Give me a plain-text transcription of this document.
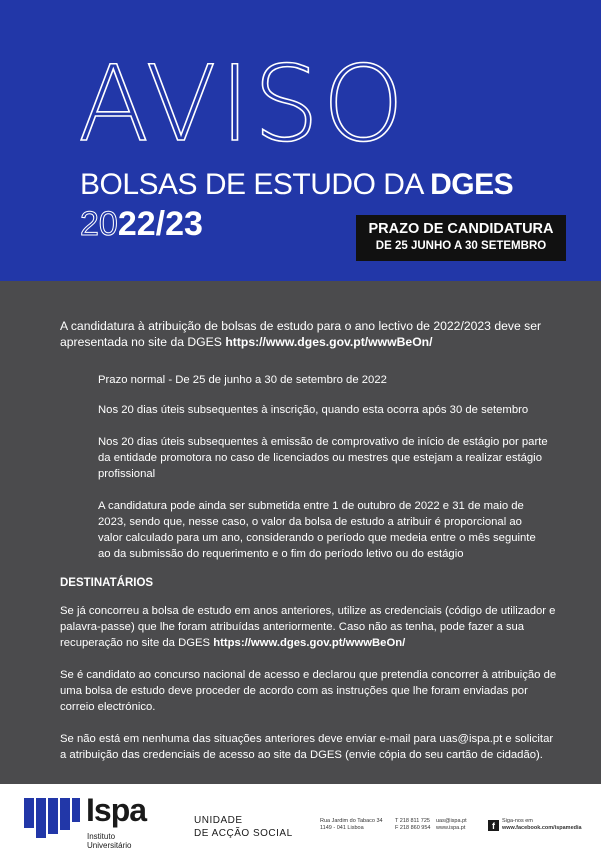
AVISO
BOLSAS DE ESTUDO DA DGES
2022/23	PRAZO DE CANDIDATURA
DE 25 JUNHO A 30 SETEMBRO

A candidatura à atribuição de bolsas de estudo para o ano lectivo de 2022/2023 deve ser apresentada no site da DGES https://www.dges.gov.pt/wwwBeOn/

Prazo normal - De 25 de junho a 30 de setembro de 2022

Nos 20 dias úteis subsequentes à inscrição, quando esta ocorra após 30 de setembro

Nos 20 dias úteis subsequentes à emissão de comprovativo de início de estágio por parte da entidade promotora no caso de licenciados ou mestres que estejam a realizar estágio profissional

A candidatura pode ainda ser submetida entre 1 de outubro de 2022 e 31 de maio de 2023, sendo que, nesse caso, o valor da bolsa de estudo a atribuir é proporcional ao valor calculado para um ano, considerando o período que medeia entre o mês seguinte ao da submissão do requerimento e o fim do período letivo ou do estágio

DESTINATÁRIOS

Se já concorreu a bolsa de estudo em anos anteriores, utilize as credenciais (código de utilizador e palavra-passe) que lhe foram atribuídas anteriormente. Caso não as tenha, pode fazer a sua recuperação no site da DGES https://www.dges.gov.pt/wwwBeOn/

Se é candidato ao concurso nacional de acesso e declarou que pretendia concorrer à atribuição de uma bolsa de estudo deve proceder de acordo com as instruções que lhe foram enviadas por correio electrónico.

Se não está em nenhuma das situações anteriores deve enviar e-mail para uas@ispa.pt e solicitar a atribuição das credenciais de acesso ao site da DGES (envie cópia do seu cartão de cidadão).

Ispa
Instituto
Universitário
UNIDADE
DE ACÇÃO SOCIAL
Rua Jardim do Tabaco 34
1149 - 041 Lisboa
T 218 811 725
F 218 860 954
uas@ispa.pt
www.ispa.pt	f	Siga-nos em
www.facebook.com/ispamedia
